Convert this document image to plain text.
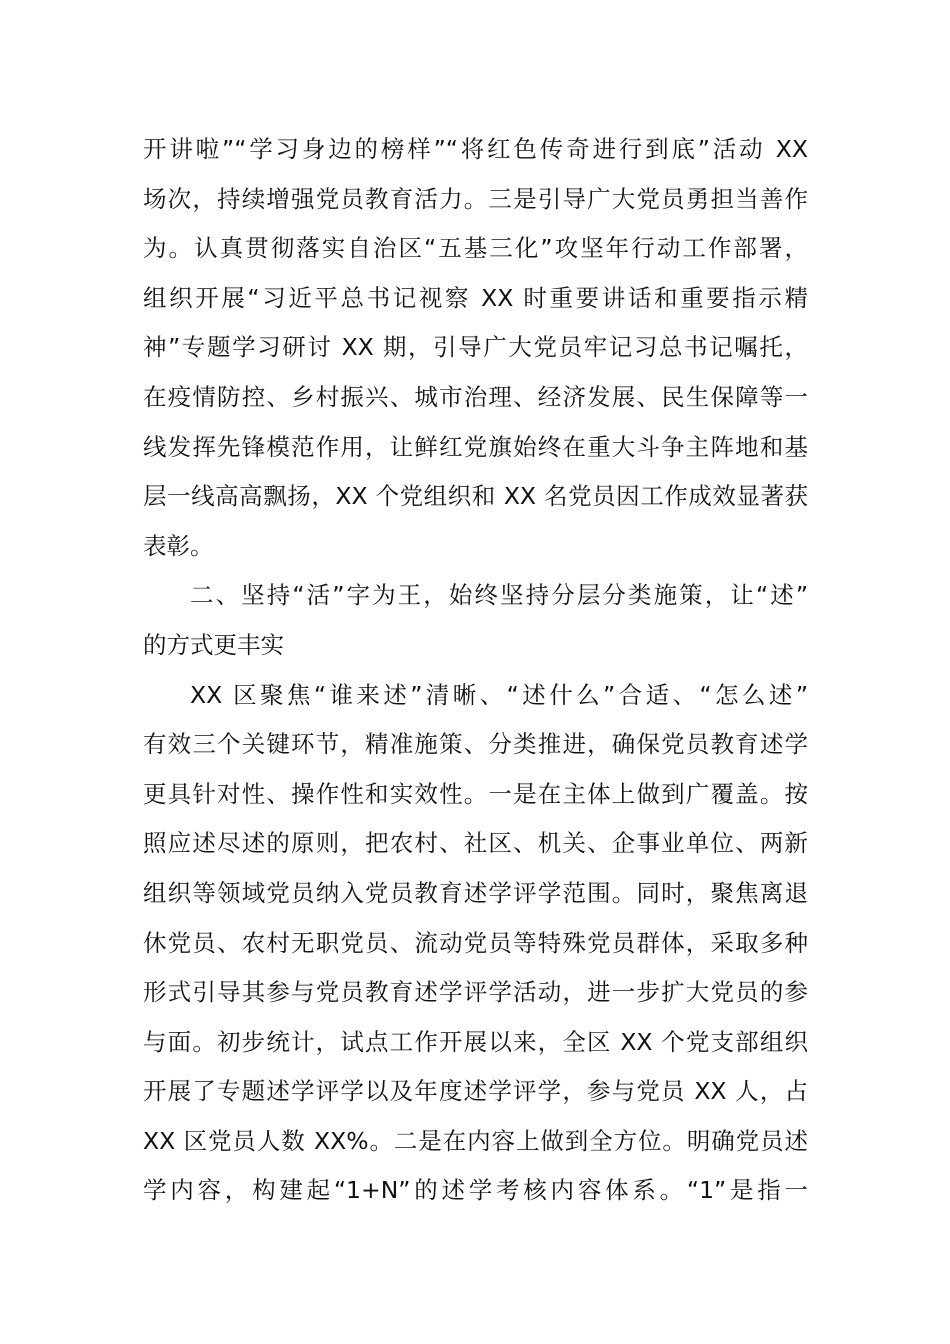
开讲啦”“学习身边的榜样”“将红色传奇进行到底”活动 XX
场次，持续增强党员教育活力。三是引导广大党员勇担当善作
为。认真贯彻落实自治区“五基三化”攻坚年行动工作部署，
组织开展“习近平总书记视察 XX 时重要讲话和重要指示精
神”专题学习研讨 XX 期，引导广大党员牢记习总书记嘱托，
在疫情防控、乡村振兴、城市治理、经济发展、民生保障等一
线发挥先锋模范作用，让鲜红党旗始终在重大斗争主阵地和基
层一线高高飘扬，XX 个党组织和 XX 名党员因工作成效显著获
表彰。
二、坚持“活”字为王，始终坚持分层分类施策，让“述”
的方式更丰实
XX 区聚焦“谁来述”清晰、“述什么”合适、“怎么述”
有效三个关键环节，精准施策、分类推进，确保党员教育述学
更具针对性、操作性和实效性。一是在主体上做到广覆盖。按
照应述尽述的原则，把农村、社区、机关、企事业单位、两新
组织等领域党员纳入党员教育述学评学范围。同时，聚焦离退
休党员、农村无职党员、流动党员等特殊党员群体，采取多种
形式引导其参与党员教育述学评学活动，进一步扩大党员的参
与面。初步统计，试点工作开展以来，全区 XX 个党支部组织
开展了专题述学评学以及年度述学评学，参与党员 XX 人，占
XX 区党员人数 XX%。二是在内容上做到全方位。明确党员述
学内容，构建起“1+N”的述学考核内容体系。“1”是指一
